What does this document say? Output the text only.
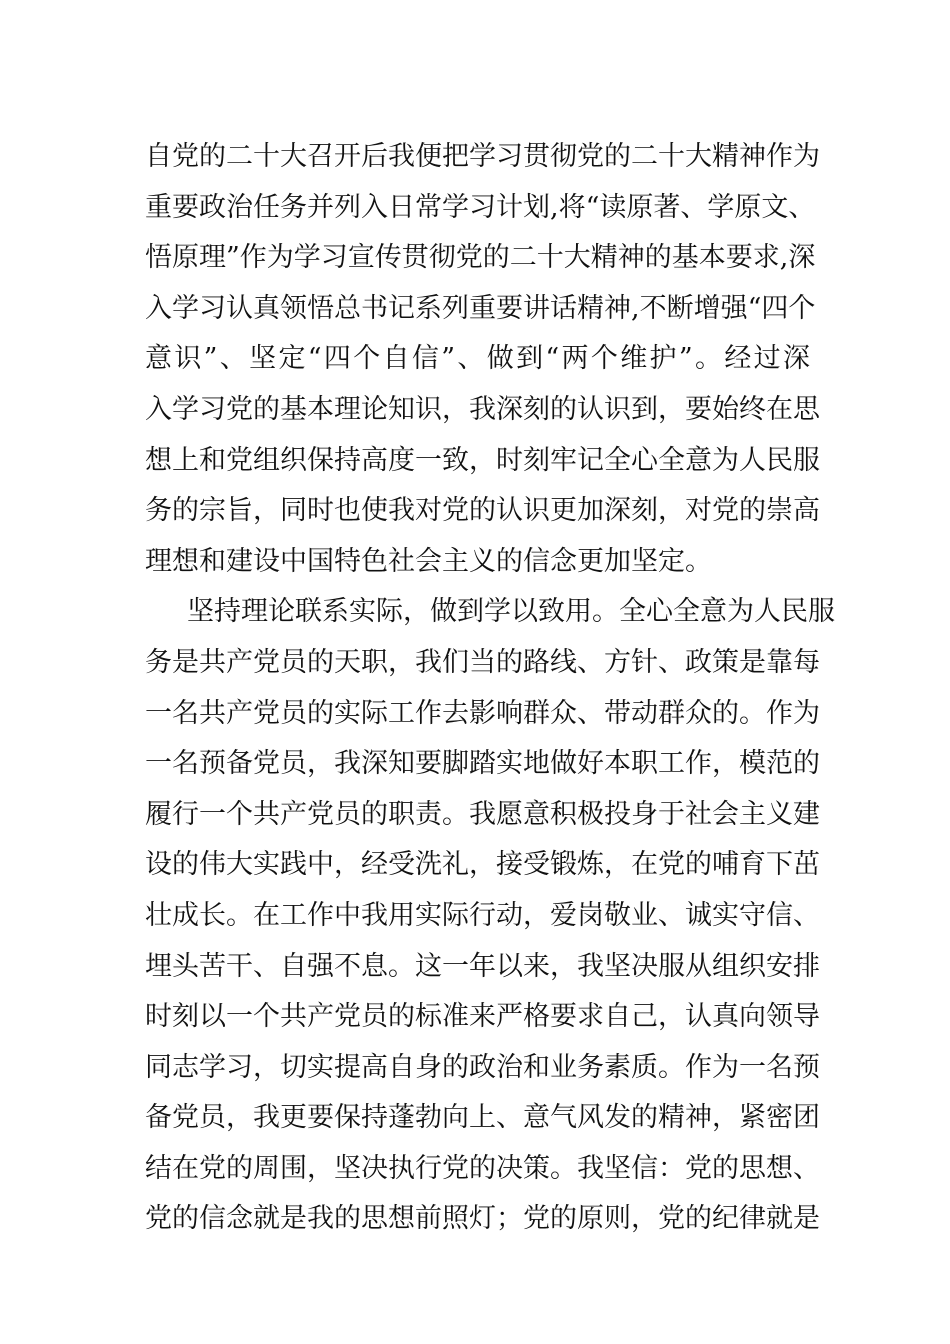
自党的二十大召开后我便把学习贯彻党的二十大精神作为
重要政治任务并列入日常学习计划,将“读原著、学原文、
悟原理”作为学习宣传贯彻党的二十大精神的基本要求,深
入学习认真领悟总书记系列重要讲话精神,不断增强“四个
意识”、坚定“四个自信”、做到“两个维护”。经过深
入学习党的基本理论知识，我深刻的认识到，要始终在思
想上和党组织保持高度一致，时刻牢记全心全意为人民服
务的宗旨，同时也使我对党的认识更加深刻，对党的崇高
理想和建设中国特色社会主义的信念更加坚定。
坚持理论联系实际，做到学以致用。全心全意为人民服
务是共产党员的天职，我们当的路线、方针、政策是靠每
一名共产党员的实际工作去影响群众、带动群众的。作为
一名预备党员，我深知要脚踏实地做好本职工作，模范的
履行一个共产党员的职责。我愿意积极投身于社会主义建
设的伟大实践中，经受洗礼，接受锻炼，在党的哺育下茁
壮成长。在工作中我用实际行动，爱岗敬业、诚实守信、
埋头苦干、自强不息。这一年以来，我坚决服从组织安排
时刻以一个共产党员的标准来严格要求自己，认真向领导
同志学习，切实提高自身的政治和业务素质。作为一名预
备党员，我更要保持蓬勃向上、意气风发的精神，紧密团
结在党的周围，坚决执行党的决策。我坚信：党的思想、
党的信念就是我的思想前照灯；党的原则，党的纪律就是
